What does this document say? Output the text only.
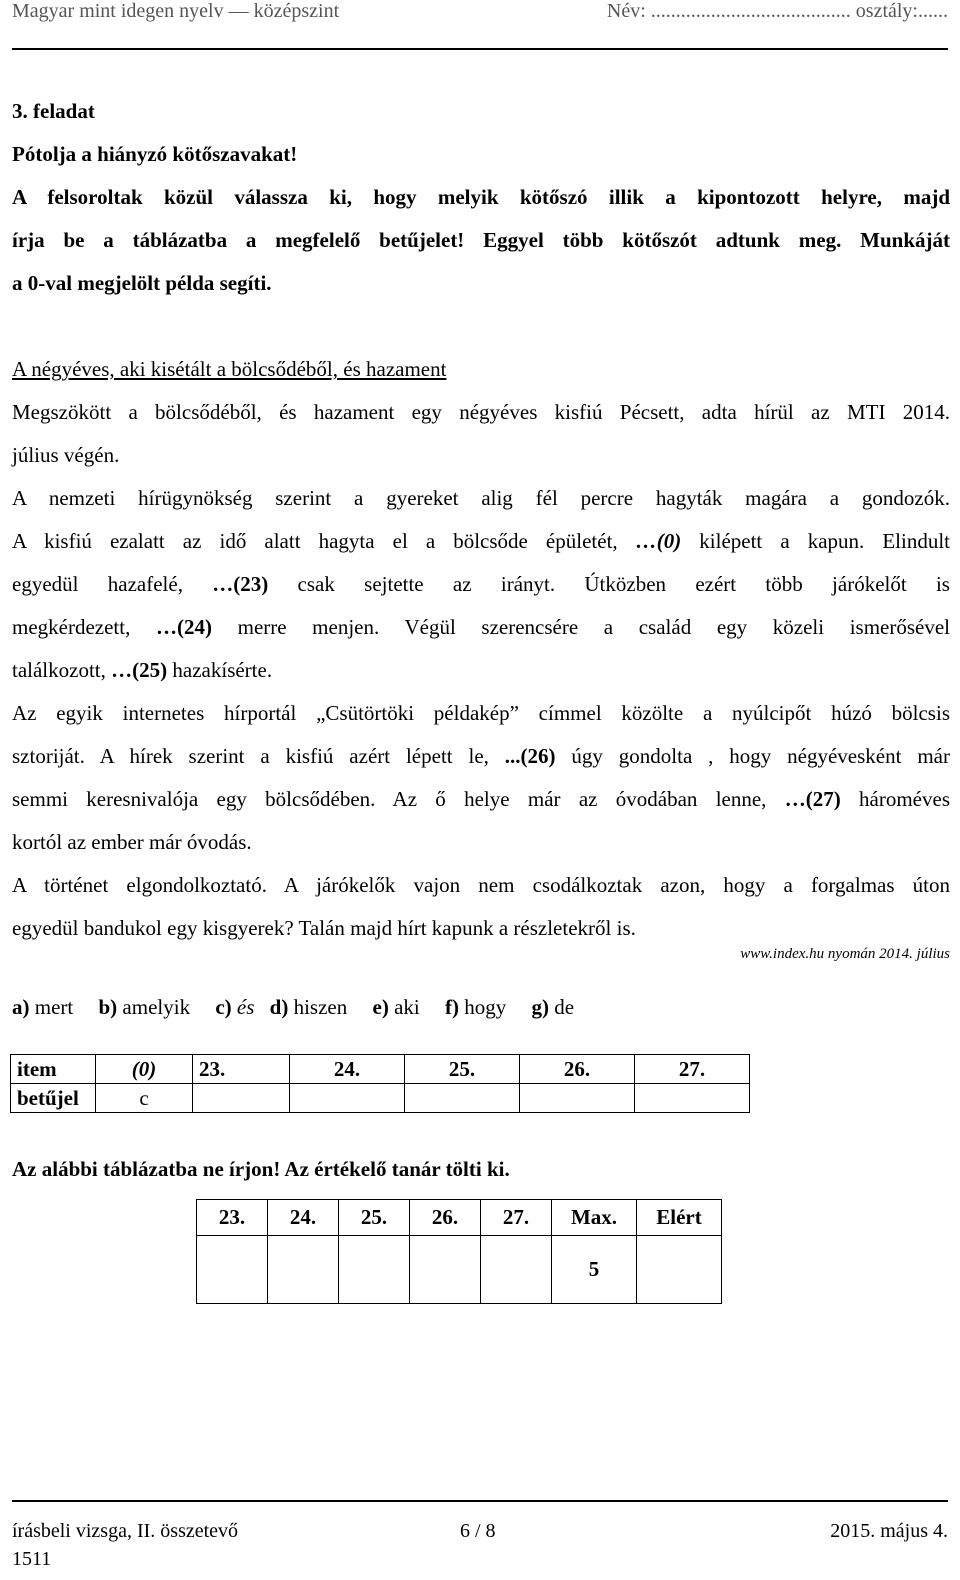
Magyar mint idegen nyelv — középszint	Név: ........................................ osztály:......
3. feladat
Pótolja a hiányzó kötőszavakat!
A felsoroltak közül válassza ki, hogy melyik kötőszó illik a kipontozott helyre, majd
írja be a táblázatba a megfelelő betűjelet! Eggyel több kötőszót adtunk meg. Munkáját
a 0-val megjelölt példa segíti.
A négyéves, aki kisétált a bölcsődéből, és hazament
Megszökött a bölcsődéből, és hazament egy négyéves kisfiú Pécsett, adta hírül az MTI 2014.
július végén.
A nemzeti hírügynökség szerint a gyereket alig fél percre hagyták magára a gondozók.
A kisfiú ezalatt az idő alatt hagyta el a bölcsőde épületét, …(0) kilépett a kapun. Elindult
egyedül hazafelé, …(23) csak sejtette az irányt. Útközben ezért több járókelőt is
megkérdezett, …(24) merre menjen. Végül szerencsére a család egy közeli ismerősével
találkozott, …(25) hazakísérte.
Az egyik internetes hírportál „Csütörtöki példakép” címmel közölte a nyúlcipőt húzó bölcsis
sztoriját. A hírek szerint a kisfiú azért lépett le, ...(26) úgy gondolta , hogy négyévesként már
semmi keresnivalója egy bölcsődében. Az ő helye már az óvodában lenne, …(27) hároméves
kortól az ember már óvodás.
A történet elgondolkoztató. A járókelők vajon nem csodálkoztak azon, hogy a forgalmas úton
egyedül bandukol egy kisgyerek? Talán majd hírt kapunk a részletekről is.
www.index.hu nyomán 2014. július
a) mert b) amelyik c) és d) hiszen e) aki f) hogy g) de
item	(0)	23.	24.	25.	26.	27.
betűjel	c					
Az alábbi táblázatba ne írjon! Az értékelő tanár tölti ki.
23.	24.	25.	26.	27.	Max.	Elért
					5	
írásbeli vizsga, II. összetevő	6 / 8	2015. május 4.
1511
